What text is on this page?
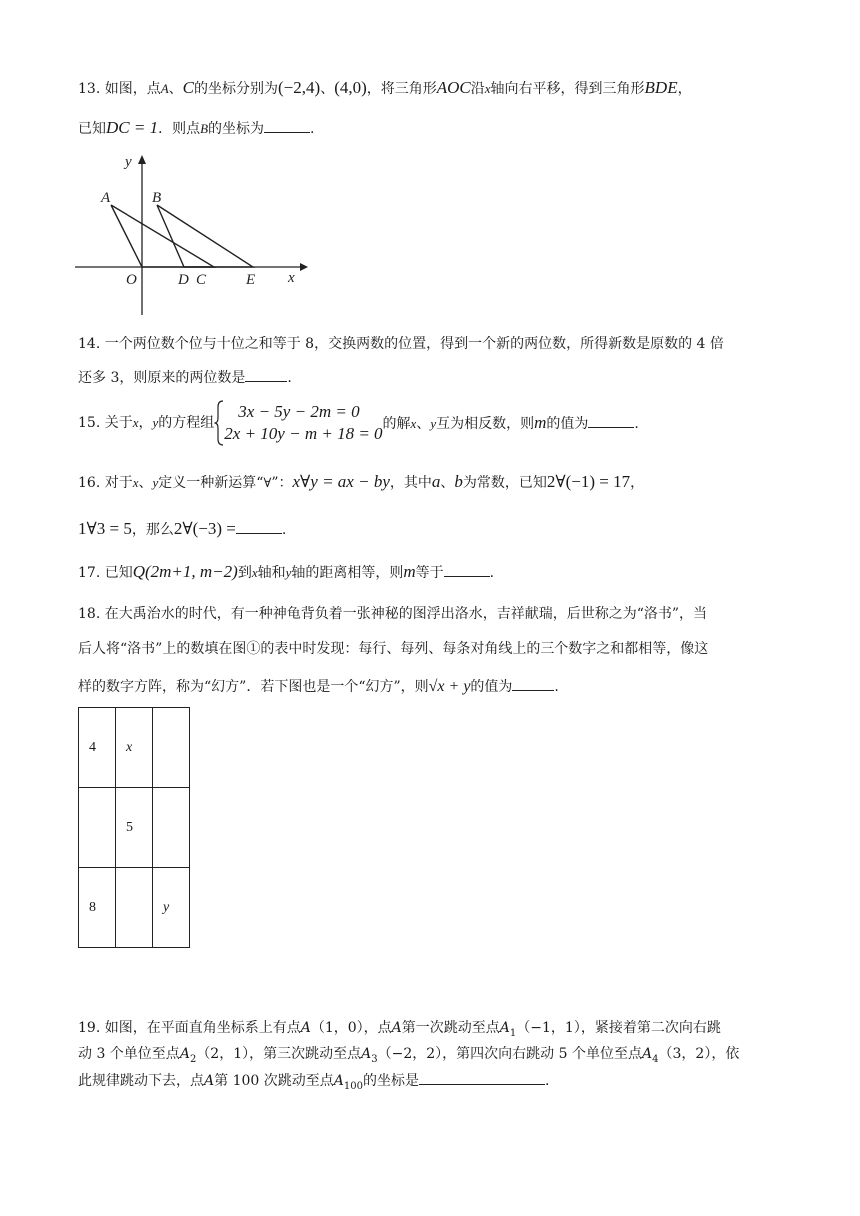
13. 如图，点A、C的坐标分别为(−2,4)、(4,0)，将三角形AOC沿x轴向右平移，得到三角形BDE，
已知DC = 1．则点B的坐标为	.
y
x
A	B
O	D C	E
14. 一个两位数个位与十位之和等于 8，交换两数的位置，得到一个新的两位数，所得新数是原数的 4 倍
还多 3，则原来的两位数是	.
15. 关于x，y的方程组
3x − 5y − 2m = 0
2x + 10y − m + 18 = 0
的解x、y互为相反数，则m的值为	.
16. 对于x、y定义一种新运算“∀”：x∀y = ax − by，其中a、b为常数，已知2∀(−1) = 17，
1∀3 = 5，那么2∀(−3) =	.
17. 已知Q(2m+1, m−2)到x轴和y轴的距离相等，则m等于	.
18. 在大禹治水的时代，有一种神龟背负着一张神秘的图浮出洛水，吉祥献瑞，后世称之为“洛书”，当
后人将“洛书”上的数填在图①的表中时发现：每行、每列、每条对角线上的三个数字之和都相等，像这
样的数字方阵，称为“幻方”．若下图也是一个“幻方”，则√x + y的值为	.
4	x	
	5	
8		y
19. 如图，在平面直角坐标系上有点A（1，0），点A第一次跳动至点$A_1(-1$，1），紧接着第二次向右跳
动 3 个单位至点$A_2(2$，1），第三次跳动至点$A_3(-2$，2），第四次向右跳动 5 个单位至点$A_4(3$，2），依
此规律跳动下去，点A第 100 次跳动至点$A_{100}$的坐标是	.
